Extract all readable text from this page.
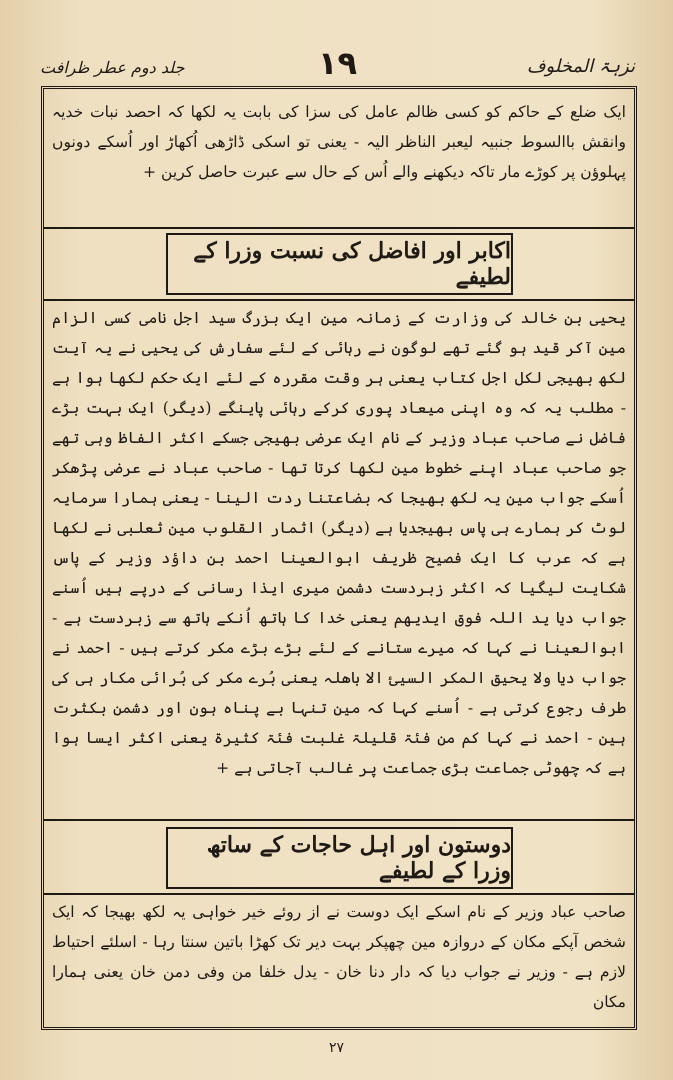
نزہۃ المخلوف
۱۹
جلد دوم عطر ظرافت

ایک ضلع کے حاکم کو کسی ظالم عامل کی سزا کی بابت یہ لکھا کہ احصد نبات خدیہ وانقش باالسوط جنبیہ لیعبر الناظر الیہ - یعنی تو اسکی ڈاڑھی اُکھاڑ اور اُسکے دونوں پہلوؤن پر کوڑے مار تاکہ دیکھنے والے اُس کے حال سے عبرت حاصل کرین +

اکابر اور افاضل کی نسبت وزرا کے لطیفے

یحیی بن خالد کی وزارت کے زمانہ مین ایک بزرگ سید اجل نامی کسی الزام مین آکر قید ہو گئے تھے لوگون نے رہائی کے لئے سفارش کی یحیی نے یہ آیت لکھ بھیجی لکل اجل کتاب یعنی ہر وقت مقررہ کے لئے ایک حکم لکھا ہوا ہے - مطلب یہ کہ وہ اپنی میعاد پوری کرکے رہائی پاینگے (دیگر) ایک بہت بڑے فاضل نے صاحب عباد وزیر کے نام ایک عرضی بھیجی جسکے اکثر الفاظ وہی تھے جو صاحب عباد اپنے خطوط مین لکھا کرتا تھا - صاحب عباد نے عرضی پڑھکر اُسکے جواب مین یہ لکھ بھیجا کہ بضاعتنا ردت الینا - یعنی ہمارا سرمایہ لوٹ کر ہمارے ہی پاس بھیجدیا ہے (دیگر) اثمار القلوب مین ثعلبی نے لکھا ہے کہ عرب کا ایک فصیح ظریف ابوالعینا احمد بن داؤد وزیر کے پاس شکایت لیگیا کہ اکثر زبردست دشمن میری ایذا رسانی کے درپے ہیں اُسنے جواب دیا ید اللہ فوق ایدیھم یعنی خدا کا ہاتھ اُنکے ہاتھ سے زبردست ہے - ابوالعینا نے کہا کہ میرے ستانے کے لئے بڑے بڑے مکر کرتے ہیں - احمد نے جواب دیا ولا یحیق المکر السیئ الا باھلہ یعنی بُرے مکر کی بُرائی مکار ہی کی طرف رجوع کرتی ہے - اُسنے کہا کہ مین تنہا بے پناہ ہون اور دشمن بکثرت ہین - احمد نے کہا کم من فئۃ قلیلۃ غلبت فئۃ کثیرۃ یعنی اکثر ایسا ہوا ہے کہ چھوٹی جماعت بڑی جماعت پر غالب آجاتی ہے +

دوستون اور اہل حاجات کے ساتھ وزرا کے لطیفے

صاحب عباد وزیر کے نام اسکے ایک دوست نے از روئے خیر خواہی یہ لکھ بھیجا کہ ایک شخص آپکے مکان کے دروازہ مین چھپکر بہت دیر تک کھڑا باتین سنتا رہا - اسلئے احتیاط لازم ہے - وزیر نے جواب دیا کہ دار دنا خان - یدل خلفا من وفی دمن خان یعنی ہمارا مکان

۲۷
